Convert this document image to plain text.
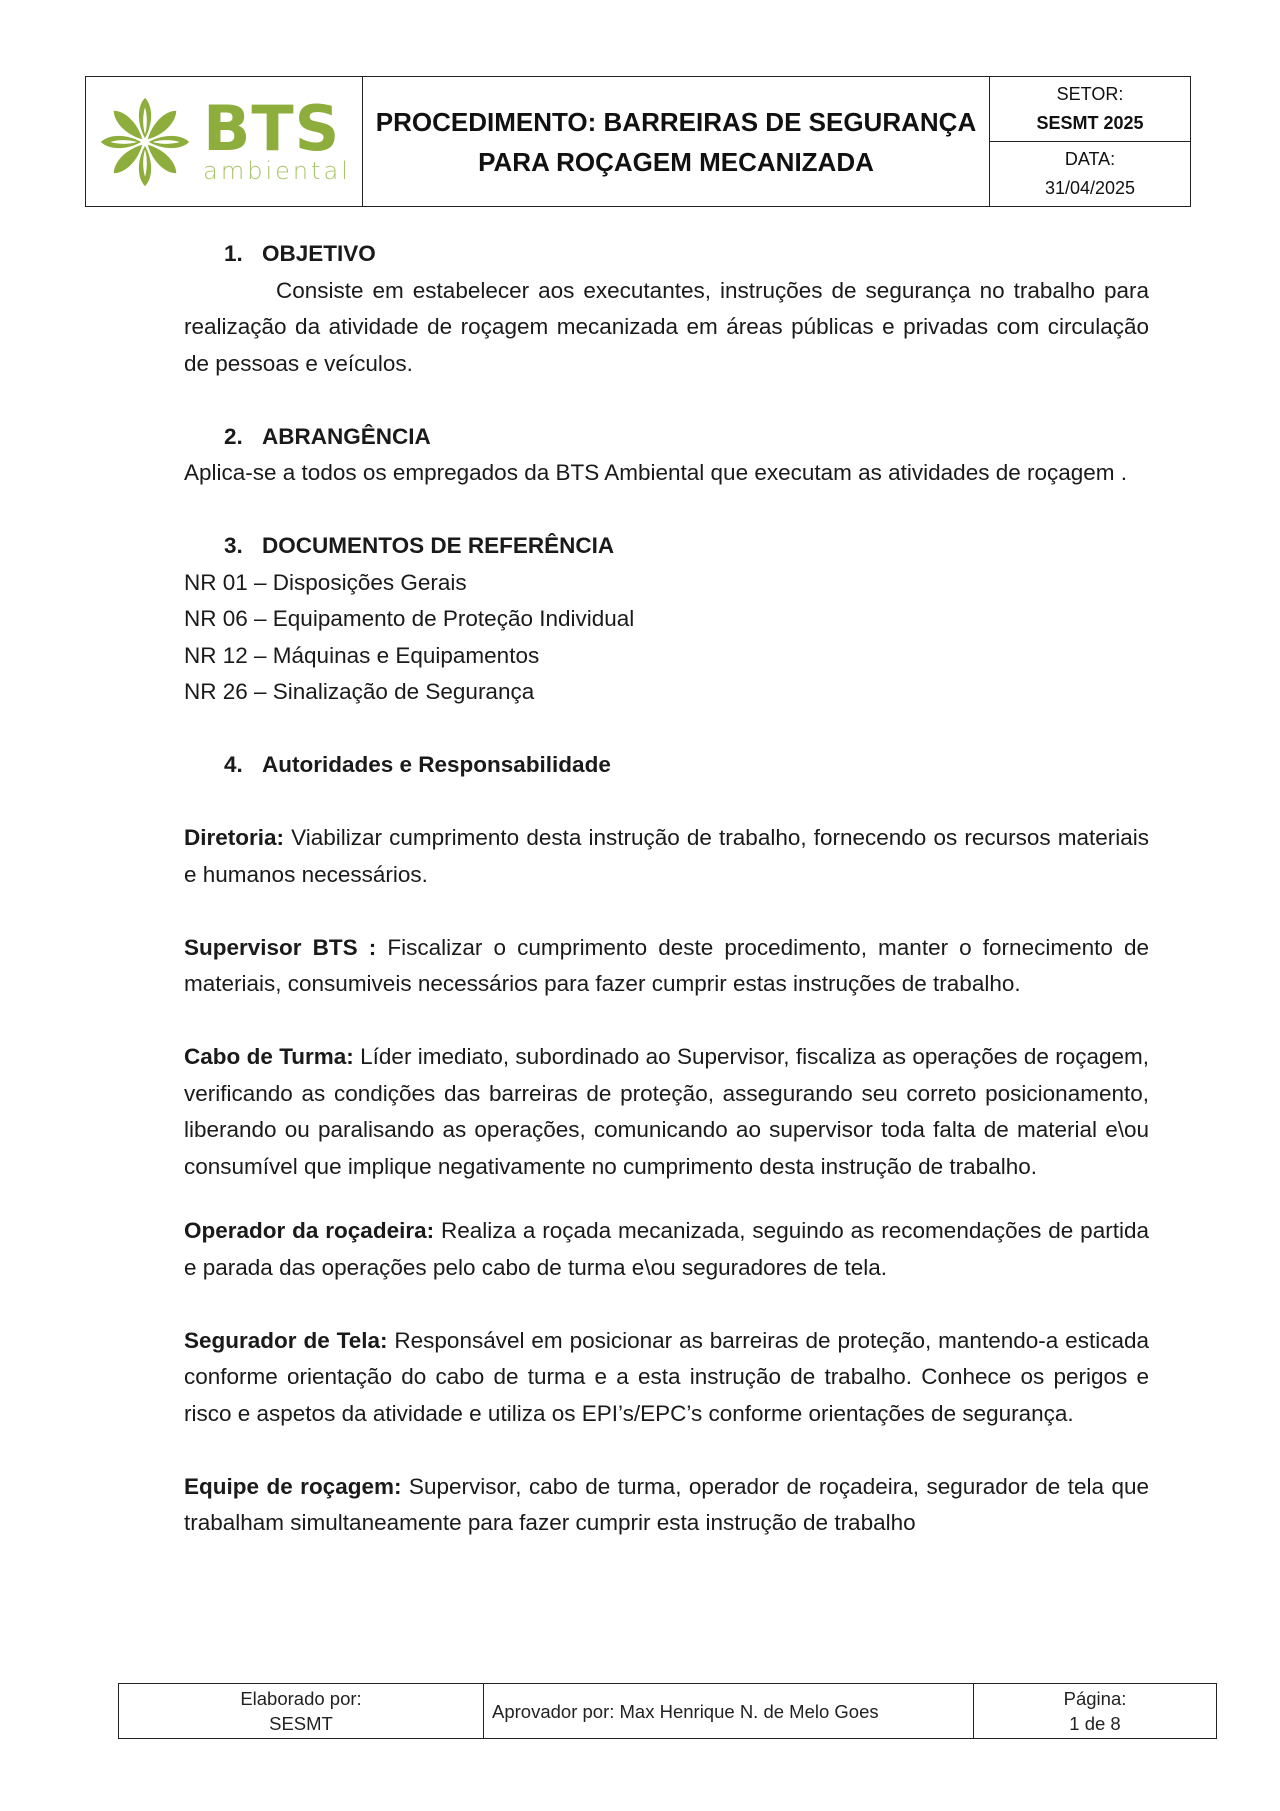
BTS
ambiental
PROCEDIMENTO: BARREIRAS DE SEGURANÇA
PARA ROÇAGEM MECANIZADA
SETOR:
SESMT 2025
DATA:
31/04/2025

1. OBJETIVO

Consiste em estabelecer aos executantes, instruções de segurança no trabalho para realização da atividade de roçagem mecanizada em áreas públicas e privadas com circulação de pessoas e veículos.

2. ABRANGÊNCIA

Aplica-se a todos os empregados da BTS Ambiental que executam as atividades de roçagem .

3. DOCUMENTOS DE REFERÊNCIA

NR 01 – Disposições Gerais

NR 06 – Equipamento de Proteção Individual

NR 12 – Máquinas e Equipamentos

NR 26 – Sinalização de Segurança

4. Autoridades e Responsabilidade

Diretoria: Viabilizar cumprimento desta instrução de trabalho, fornecendo os recursos materiais e humanos necessários.

Supervisor BTS : Fiscalizar o cumprimento deste procedimento, manter o fornecimento de materiais, consumiveis necessários para fazer cumprir estas instruções de trabalho.

Cabo de Turma: Líder imediato, subordinado ao Supervisor, fiscaliza as operações de roçagem, verificando as condições das barreiras de proteção, assegurando seu correto posicionamento, liberando ou paralisando as operações, comunicando ao supervisor toda falta de material e\ou consumível que implique negativamente no cumprimento desta instrução de trabalho.

Operador da roçadeira: Realiza a roçada mecanizada, seguindo as recomendações de partida e parada das operações pelo cabo de turma e\ou seguradores de tela.

Segurador de Tela: Responsável em posicionar as barreiras de proteção, mantendo-a esticada conforme orientação do cabo de turma e a esta instrução de trabalho. Conhece os perigos e risco e aspetos da atividade e utiliza os EPI’s/EPC’s conforme orientações de segurança.

Equipe de roçagem: Supervisor, cabo de turma, operador de roçadeira, segurador de tela que trabalham simultaneamente para fazer cumprir esta instrução de trabalho

Elaborado por:
SESMT
Aprovador por: Max Henrique N. de Melo Goes
Página:
1 de 8
